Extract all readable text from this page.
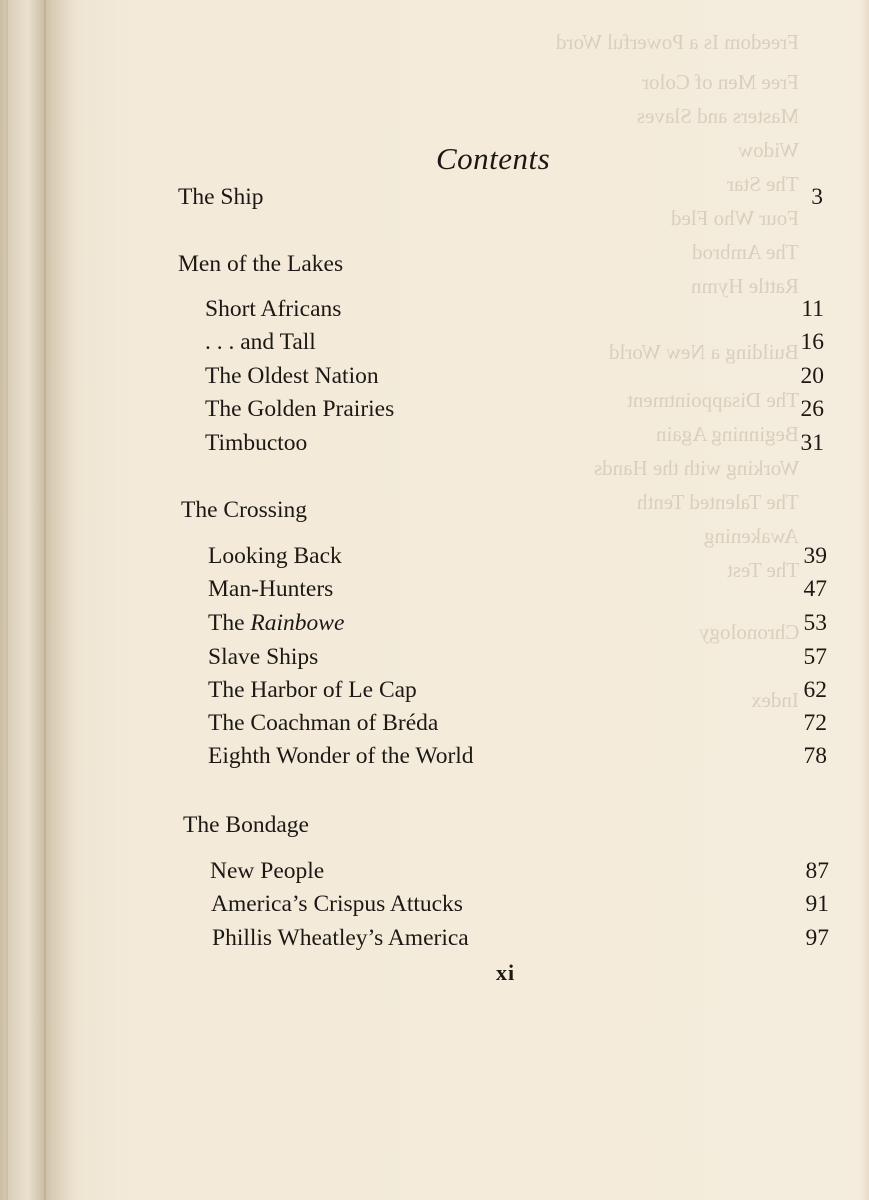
Freedom Is a Powerful Word
Free Men of Color
Masters and Slaves
Widow
The Star
Four Who Fled
The Ambrod
Rattle Hymn
Building a New World
The Disappointment
Beginning Again
Working with the Hands
The Talented Tenth
Awakening
The Test
Chronology
Index
Contents
The Ship	3
Men of the Lakes
Short Africans	11
. . . and Tall	16
The Oldest Nation	20
The Golden Prairies	26
Timbuctoo	31
The Crossing
Looking Back	39
Man-Hunters	47
The Rainbowe	53
Slave Ships	57
The Harbor of Le Cap	62
The Coachman of Bréda	72
Eighth Wonder of the World	78
The Bondage
New People	87
America’s Crispus Attucks	91
Phillis Wheatley’s America	97
xi
